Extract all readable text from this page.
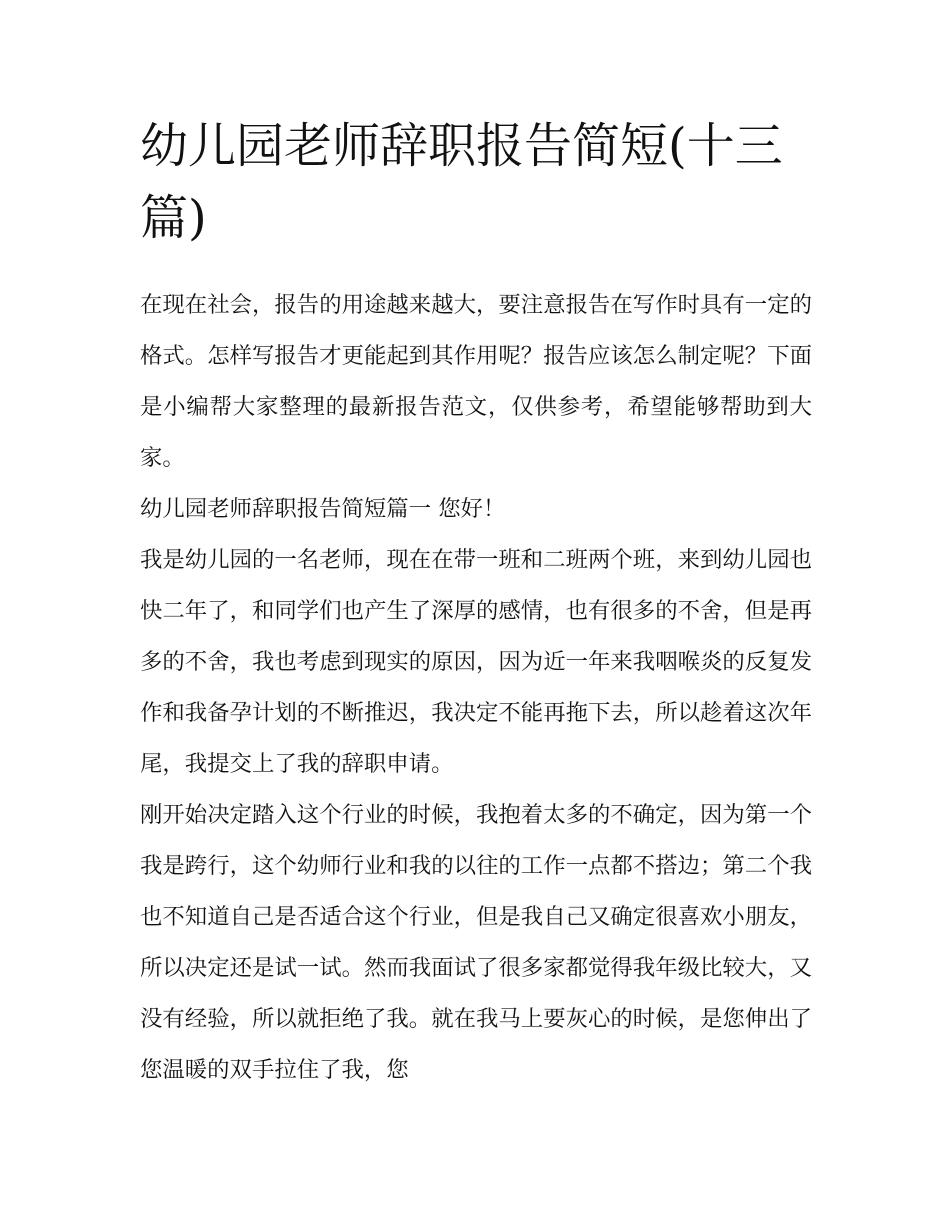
幼儿园老师辞职报告简短(十三篇)

在现在社会，报告的用途越来越大，要注意报告在写作时具有一定的格式。怎样写报告才更能起到其作用呢？报告应该怎么制定呢？下面是小编帮大家整理的最新报告范文，仅供参考，希望能够帮助到大家。

幼儿园老师辞职报告简短篇一 您好！

我是幼儿园的一名老师，现在在带一班和二班两个班，来到幼儿园也快二年了，和同学们也产生了深厚的感情，也有很多的不舍，但是再多的不舍，我也考虑到现实的原因，因为近一年来我咽喉炎的反复发作和我备孕计划的不断推迟，我决定不能再拖下去，所以趁着这次年尾，我提交上了我的辞职申请。

刚开始决定踏入这个行业的时候，我抱着太多的不确定，因为第一个我是跨行，这个幼师行业和我的以往的工作一点都不搭边；第二个我也不知道自己是否适合这个行业，但是我自己又确定很喜欢小朋友，所以决定还是试一试。然而我面试了很多家都觉得我年级比较大，又没有经验，所以就拒绝了我。就在我马上要灰心的时候，是您伸出了您温暖的双手拉住了我，您
